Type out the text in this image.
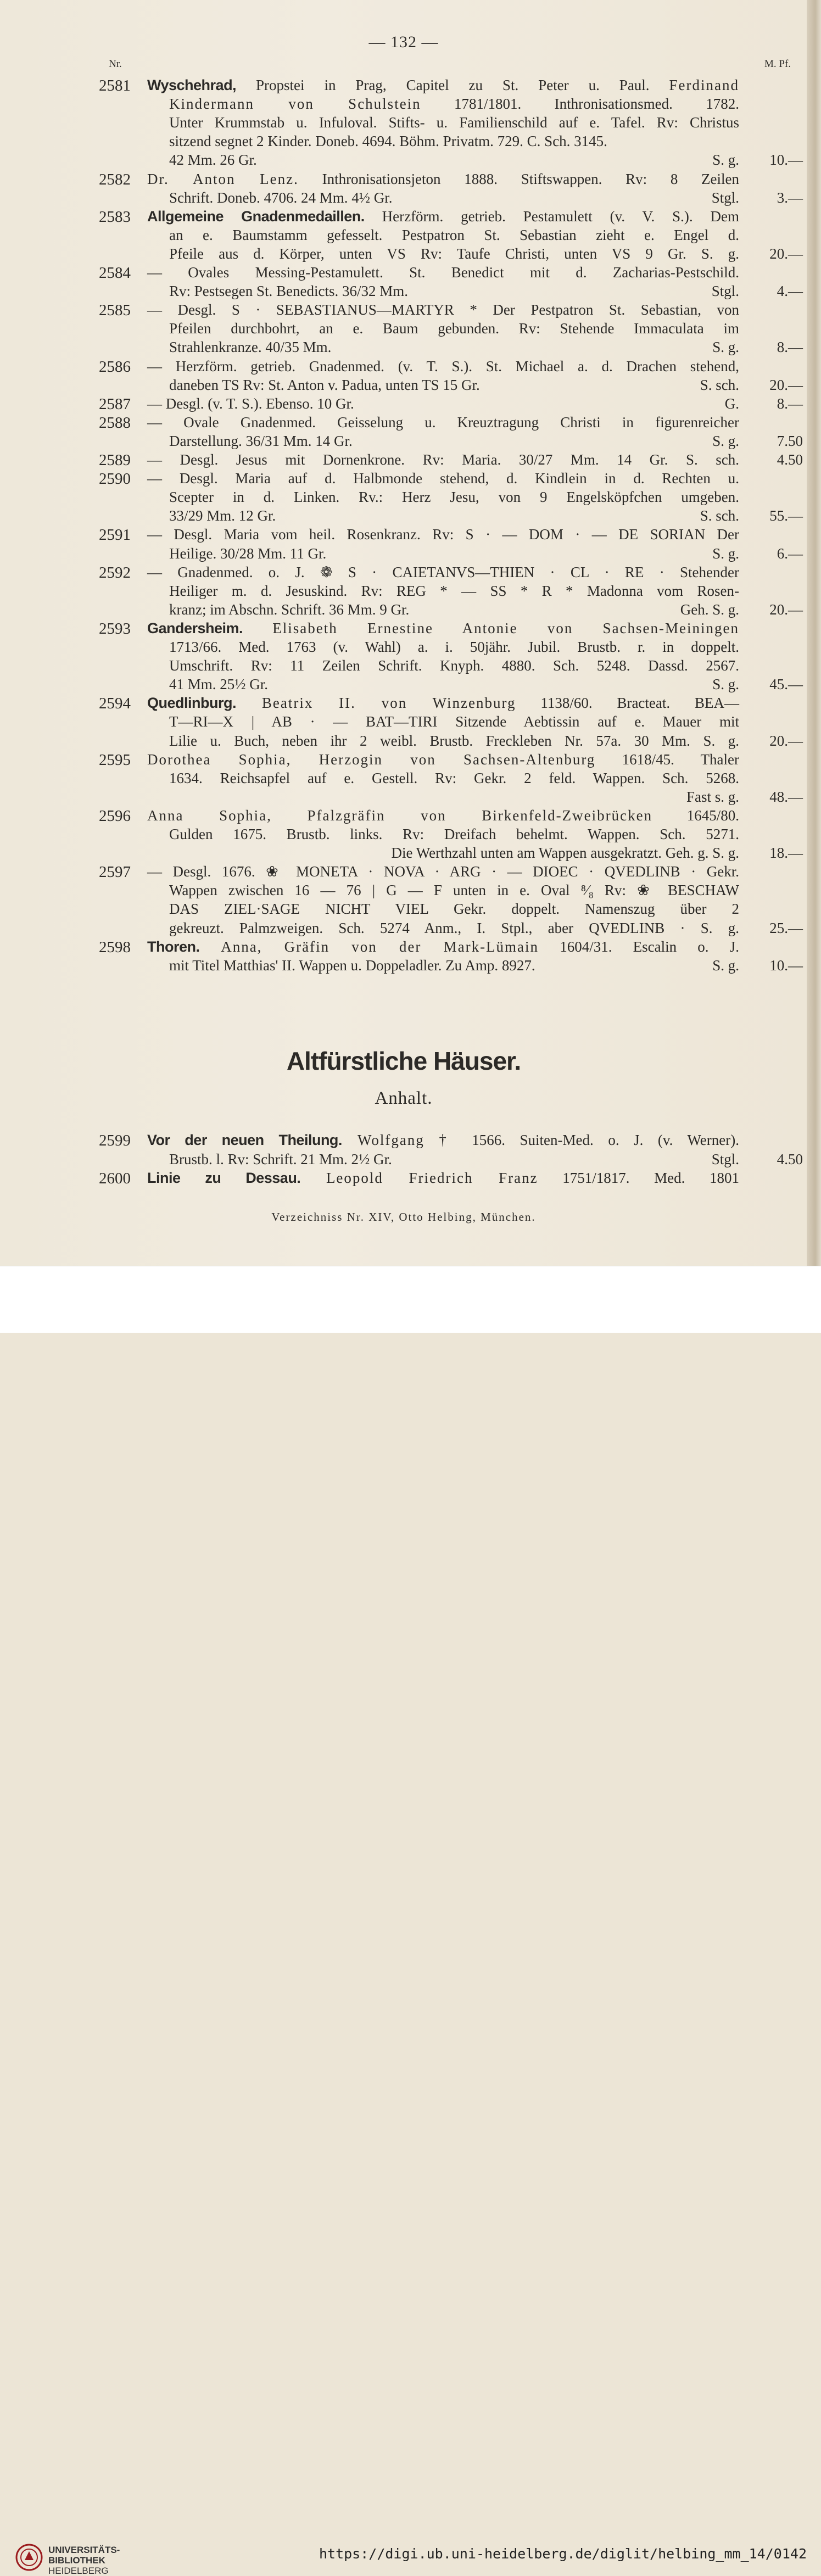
— 132 —
Nr.	M. Pf.
2581 Wyschehrad, Propstei in Prag, Capitel zu St. Peter u. Paul. Ferdinand
Kindermann von Schulstein 1781/1801. Inthronisationsmed. 1782.
Unter Krummstab u. Infuloval. Stifts- u. Familienschild auf e. Tafel. Rv: Christus
sitzend segnet 2 Kinder. Doneb. 4694. Böhm. Privatm. 729. C. Sch. 3145.
42 Mm. 26 Gr.	S. g.	10.—
2582 Dr. Anton Lenz. Inthronisationsjeton 1888. Stiftswappen. Rv: 8 Zeilen
Schrift. Doneb. 4706. 24 Mm. 4½ Gr.	Stgl.	3.—
2583 Allgemeine Gnadenmedaillen. Herzförm. getrieb. Pestamulett (v. V. S.). Dem
an e. Baumstamm gefesselt. Pestpatron St. Sebastian zieht e. Engel d.
Pfeile aus d. Körper, unten VS Rv: Taufe Christi, unten VS 9 Gr. S. g.	20.—
2584 — Ovales Messing-Pestamulett. St. Benedict mit d. Zacharias-Pestschild.
Rv: Pestsegen St. Benedicts. 36/32 Mm.	Stgl.	4.—
2585 — Desgl. S · SEBASTIANUS—MARTYR * Der Pestpatron St. Sebastian, von
Pfeilen durchbohrt, an e. Baum gebunden. Rv: Stehende Immaculata im
Strahlenkranze. 40/35 Mm.	S. g.	8.—
2586 — Herzförm. getrieb. Gnadenmed. (v. T. S.). St. Michael a. d. Drachen stehend,
daneben TS Rv: St. Anton v. Padua, unten TS 15 Gr.	S. sch.	20.—
2587 — Desgl. (v. T. S.). Ebenso. 10 Gr.	G.	8.—
2588 — Ovale Gnadenmed. Geisselung u. Kreuztragung Christi in figurenreicher
Darstellung. 36/31 Mm. 14 Gr.	S. g.	7.50
2589 — Desgl. Jesus mit Dornenkrone. Rv: Maria. 30/27 Mm. 14 Gr. S. sch.	4.50
2590 — Desgl. Maria auf d. Halbmonde stehend, d. Kindlein in d. Rechten u.
Scepter in d. Linken. Rv.: Herz Jesu, von 9 Engelsköpfchen umgeben.
33/29 Mm. 12 Gr.	S. sch.	55.—
2591 — Desgl. Maria vom heil. Rosenkranz. Rv: S · — DOM · — DE SORIAN Der
Heilige. 30/28 Mm. 11 Gr.	S. g.	6.—
2592 — Gnadenmed. o. J. ❁ S · CAIETANVS—THIEN · CL · RE · Stehender
Heiliger m. d. Jesuskind. Rv: REG * — SS * R * Madonna vom Rosen-
kranz; im Abschn. Schrift. 36 Mm. 9 Gr.	Geh. S. g.	20.—
2593 Gandersheim. Elisabeth Ernestine Antonie von Sachsen-Meiningen
1713/66. Med. 1763 (v. Wahl) a. i. 50jähr. Jubil. Brustb. r. in doppelt.
Umschrift. Rv: 11 Zeilen Schrift. Knyph. 4880. Sch. 5248. Dassd. 2567.
41 Mm. 25½ Gr.	S. g.	45.—
2594 Quedlinburg. Beatrix II. von Winzenburg 1138/60. Bracteat. BEA—
T—RI—X | AB · — BAT—TIRI Sitzende Aebtissin auf e. Mauer mit
Lilie u. Buch, neben ihr 2 weibl. Brustb. Freckleben Nr. 57a. 30 Mm. S. g.	20.—
2595 Dorothea Sophia, Herzogin von Sachsen-Altenburg 1618/45. Thaler
1634. Reichsapfel auf e. Gestell. Rv: Gekr. 2 feld. Wappen. Sch. 5268.
Fast s. g.	48.—
2596 Anna Sophia, Pfalzgräfin von Birkenfeld-Zweibrücken 1645/80.
Gulden 1675. Brustb. links. Rv: Dreifach behelmt. Wappen. Sch. 5271.
Die Werthzahl unten am Wappen ausgekratzt. Geh. g. S. g.	18.—
2597 — Desgl. 1676. ❀ MONETA · NOVA · ARG · — DIOEC · QVEDLINB · Gekr.
Wappen zwischen 16 — 76 | G — F unten in e. Oval ⁸⁄₈ Rv: ❀ BESCHAW
DAS ZIEL·SAGE NICHT VIEL Gekr. doppelt. Namenszug über 2
gekreuzt. Palmzweigen. Sch. 5274 Anm., I. Stpl., aber QVEDLINB · S. g.	25.—
2598 Thoren. Anna, Gräfin von der Mark-Lümain 1604/31. Escalin o. J.
mit Titel Matthias' II. Wappen u. Doppeladler. Zu Amp. 8927.	S. g.	10.—
Altfürstliche Häuser.
Anhalt.
2599 Vor der neuen Theilung. Wolfgang † 1566. Suiten-Med. o. J. (v. Werner).
Brustb. l. Rv: Schrift. 21 Mm. 2½ Gr.	Stgl.	4.50
2600 Linie zu Dessau. Leopold Friedrich Franz 1751/1817. Med. 1801
Verzeichniss Nr. XIV, Otto Helbing, München.
UNIVERSITÄTS-
BIBLIOTHEK
HEIDELBERG
https://digi.ub.uni-heidelberg.de/diglit/helbing_mm_14/0142
